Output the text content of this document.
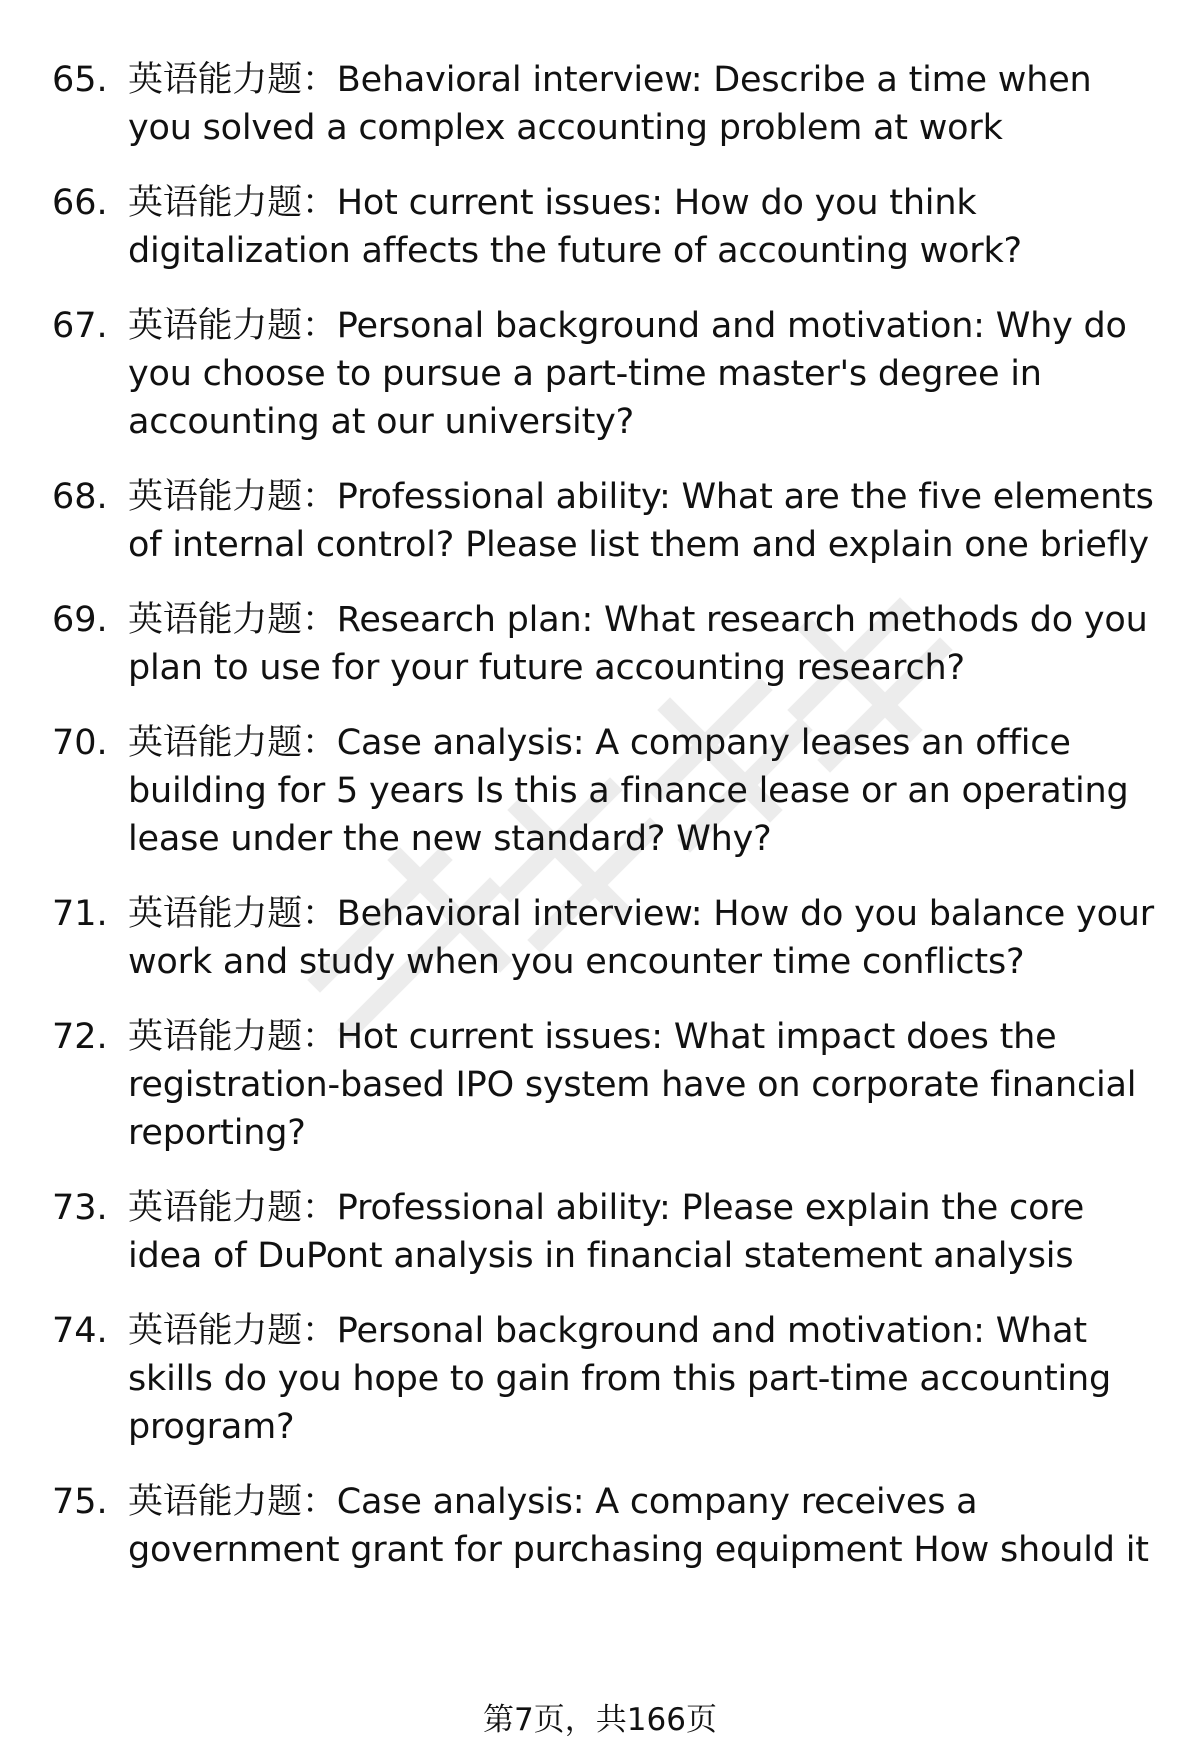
65. 英语能力题：Behavioral interview: Describe a time when you solved a complex accounting problem at work
66. 英语能力题：Hot current issues: How do you think digitalization affects the future of accounting work?
67. 英语能力题：Personal background and motivation: Why do you choose to pursue a part-time master's degree in accounting at our university?
68. 英语能力题：Professional ability: What are the five elements of internal control? Please list them and explain one briefly
69. 英语能力题：Research plan: What research methods do you plan to use for your future accounting research?
70. 英语能力题：Case analysis: A company leases an office building for 5 years Is this a finance lease or an operating lease under the new standard? Why?
71. 英语能力题：Behavioral interview: How do you balance your work and study when you encounter time conflicts?
72. 英语能力题：Hot current issues: What impact does the registration-based IPO system have on corporate financial reporting?
73. 英语能力题：Professional ability: Please explain the core idea of DuPont analysis in financial statement analysis
74. 英语能力题：Personal background and motivation: What skills do you hope to gain from this part-time accounting program?
75. 英语能力题：Case analysis: A company receives a government grant for purchasing equipment How should it
第7页，共166页
